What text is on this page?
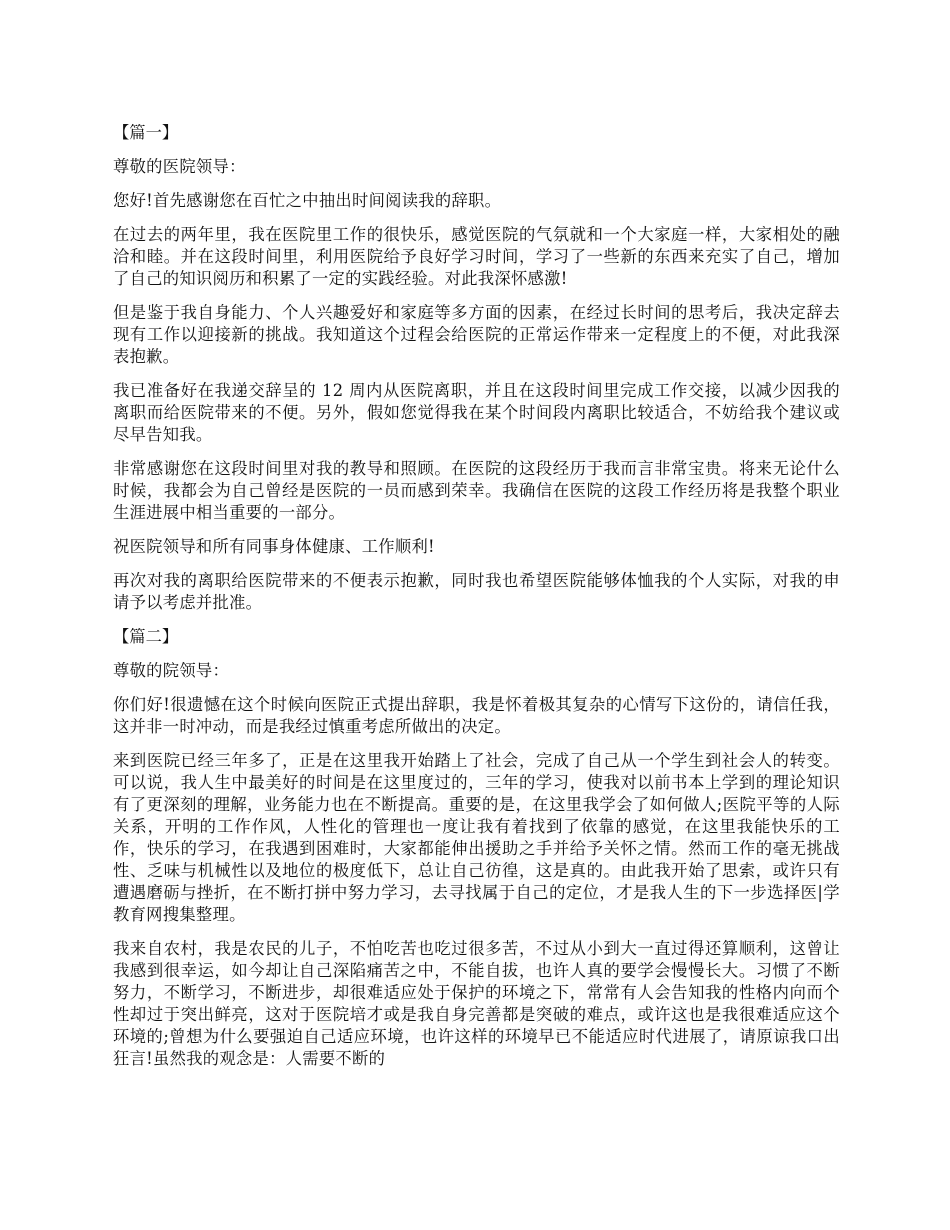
【篇一】

尊敬的医院领导：

您好!首先感谢您在百忙之中抽出时间阅读我的辞职。

在过去的两年里，我在医院里工作的很快乐，感觉医院的气氛就和一个大家庭一样，大家相处的融洽和睦。并在这段时间里，利用医院给予良好学习时间，学习了一些新的东西来充实了自己，增加了自己的知识阅历和积累了一定的实践经验。对此我深怀感激!

但是鉴于我自身能力、个人兴趣爱好和家庭等多方面的因素，在经过长时间的思考后，我决定辞去现有工作以迎接新的挑战。我知道这个过程会给医院的正常运作带来一定程度上的不便，对此我深表抱歉。

我已准备好在我递交辞呈的 12 周内从医院离职，并且在这段时间里完成工作交接，以减少因我的离职而给医院带来的不便。另外，假如您觉得我在某个时间段内离职比较适合，不妨给我个建议或尽早告知我。

非常感谢您在这段时间里对我的教导和照顾。在医院的这段经历于我而言非常宝贵。将来无论什么时候，我都会为自己曾经是医院的一员而感到荣幸。我确信在医院的这段工作经历将是我整个职业生涯进展中相当重要的一部分。

祝医院领导和所有同事身体健康、工作顺利!

再次对我的离职给医院带来的不便表示抱歉，同时我也希望医院能够体恤我的个人实际，对我的申请予以考虑并批准。

【篇二】

尊敬的院领导：

你们好!很遗憾在这个时候向医院正式提出辞职，我是怀着极其复杂的心情写下这份的，请信任我，这并非一时冲动，而是我经过慎重考虑所做出的决定。

来到医院已经三年多了，正是在这里我开始踏上了社会，完成了自己从一个学生到社会人的转变。可以说，我人生中最美好的时间是在这里度过的，三年的学习，使我对以前书本上学到的理论知识有了更深刻的理解，业务能力也在不断提高。重要的是，在这里我学会了如何做人;医院平等的人际关系，开明的工作作风，人性化的管理也一度让我有着找到了依靠的感觉，在这里我能快乐的工作，快乐的学习，在我遇到困难时，大家都能伸出援助之手并给予关怀之情。然而工作的毫无挑战性、乏味与机械性以及地位的极度低下，总让自己彷徨，这是真的。由此我开始了思索，或许只有遭遇磨砺与挫折，在不断打拼中努力学习，去寻找属于自己的定位，才是我人生的下一步选择医|学教育网搜集整理。

我来自农村，我是农民的儿子，不怕吃苦也吃过很多苦，不过从小到大一直过得还算顺利，这曾让我感到很幸运，如今却让自己深陷痛苦之中，不能自拔，也许人真的要学会慢慢长大。习惯了不断努力，不断学习，不断进步，却很难适应处于保护的环境之下，常常有人会告知我的性格内向而个性却过于突出鲜亮，这对于医院培才或是我自身完善都是突破的难点，或许这也是我很难适应这个环境的;曾想为什么要强迫自己适应环境，也许这样的环境早已不能适应时代进展了，请原谅我口出狂言!虽然我的观念是：人需要不断的
